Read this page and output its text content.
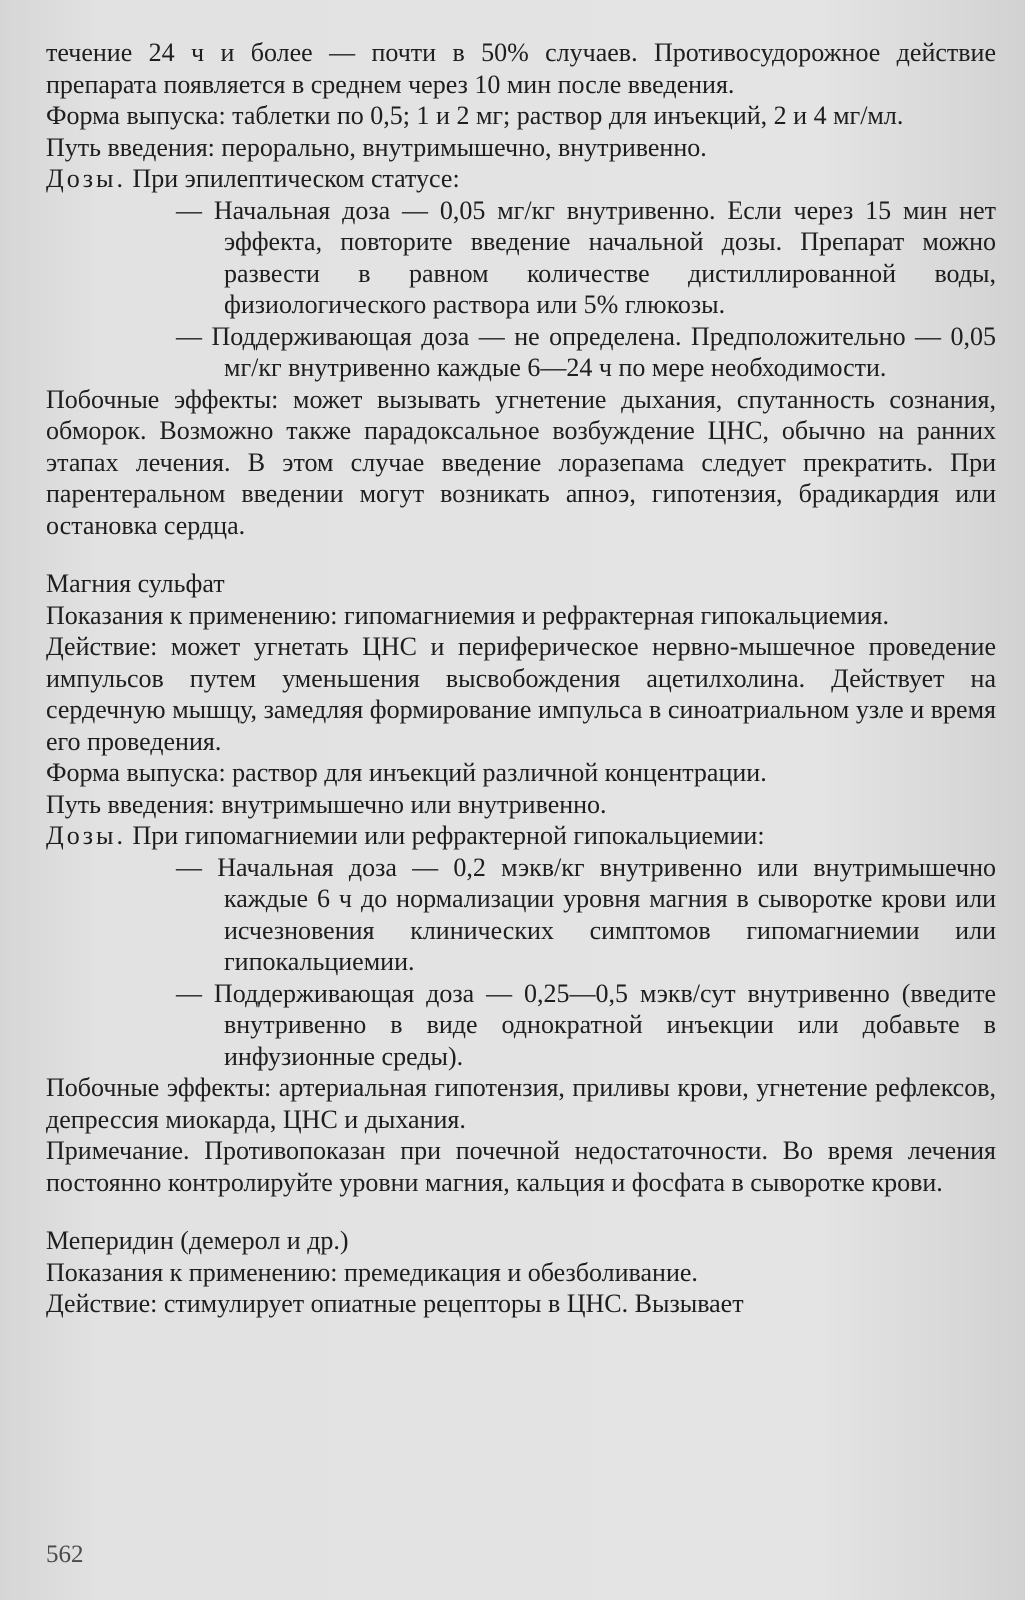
течение 24 ч и более — почти в 50% случаев. Противосудорожное действие препарата появляется в среднем через 10 мин после введения.

Форма выпуска: таблетки по 0,5; 1 и 2 мг; раствор для инъекций, 2 и 4 мг/мл.

Путь введения: перорально, внутримышечно, внутривенно.

Дозы. При эпилептическом статусе:

— Начальная доза — 0,05 мг/кг внутривенно. Если через 15 мин нет эффекта, повторите введение начальной дозы. Препарат можно развести в равном количестве дистиллированной воды, физиологического раствора или 5% глюкозы.

— Поддерживающая доза — не определена. Предположительно — 0,05 мг/кг внутривенно каждые 6—24 ч по мере необходимости.

Побочные эффекты: может вызывать угнетение дыхания, спутанность сознания, обморок. Возможно также парадоксальное возбуждение ЦНС, обычно на ранних этапах лечения. В этом случае введение лоразепама следует прекратить. При парентеральном введении могут возникать апноэ, гипотензия, брадикардия или остановка сердца.

Магния сульфат

Показания к применению: гипомагниемия и рефрактерная гипокальциемия.

Действие: может угнетать ЦНС и периферическое нервно-мышечное проведение импульсов путем уменьшения высвобождения ацетилхолина. Действует на сердечную мышцу, замедляя формирование импульса в синоатриальном узле и время его проведения.

Форма выпуска: раствор для инъекций различной концентрации.

Путь введения: внутримышечно или внутривенно.

Дозы. При гипомагниемии или рефрактерной гипокальциемии:

— Начальная доза — 0,2 мэкв/кг внутривенно или внутримышечно каждые 6 ч до нормализации уровня магния в сыворотке крови или исчезновения клинических симптомов гипомагниемии или гипокальциемии.

— Поддерживающая доза — 0,25—0,5 мэкв/сут внутривенно (введите внутривенно в виде однократной инъекции или добавьте в инфузионные среды).

Побочные эффекты: артериальная гипотензия, приливы крови, угнетение рефлексов, депрессия миокарда, ЦНС и дыхания.

Примечание. Противопоказан при почечной недостаточности. Во время лечения постоянно контролируйте уровни магния, кальция и фосфата в сыворотке крови.

Меперидин (демерол и др.)

Показания к применению: премедикация и обезболивание.

Действие: стимулирует опиатные рецепторы в ЦНС. Вызывает

562
